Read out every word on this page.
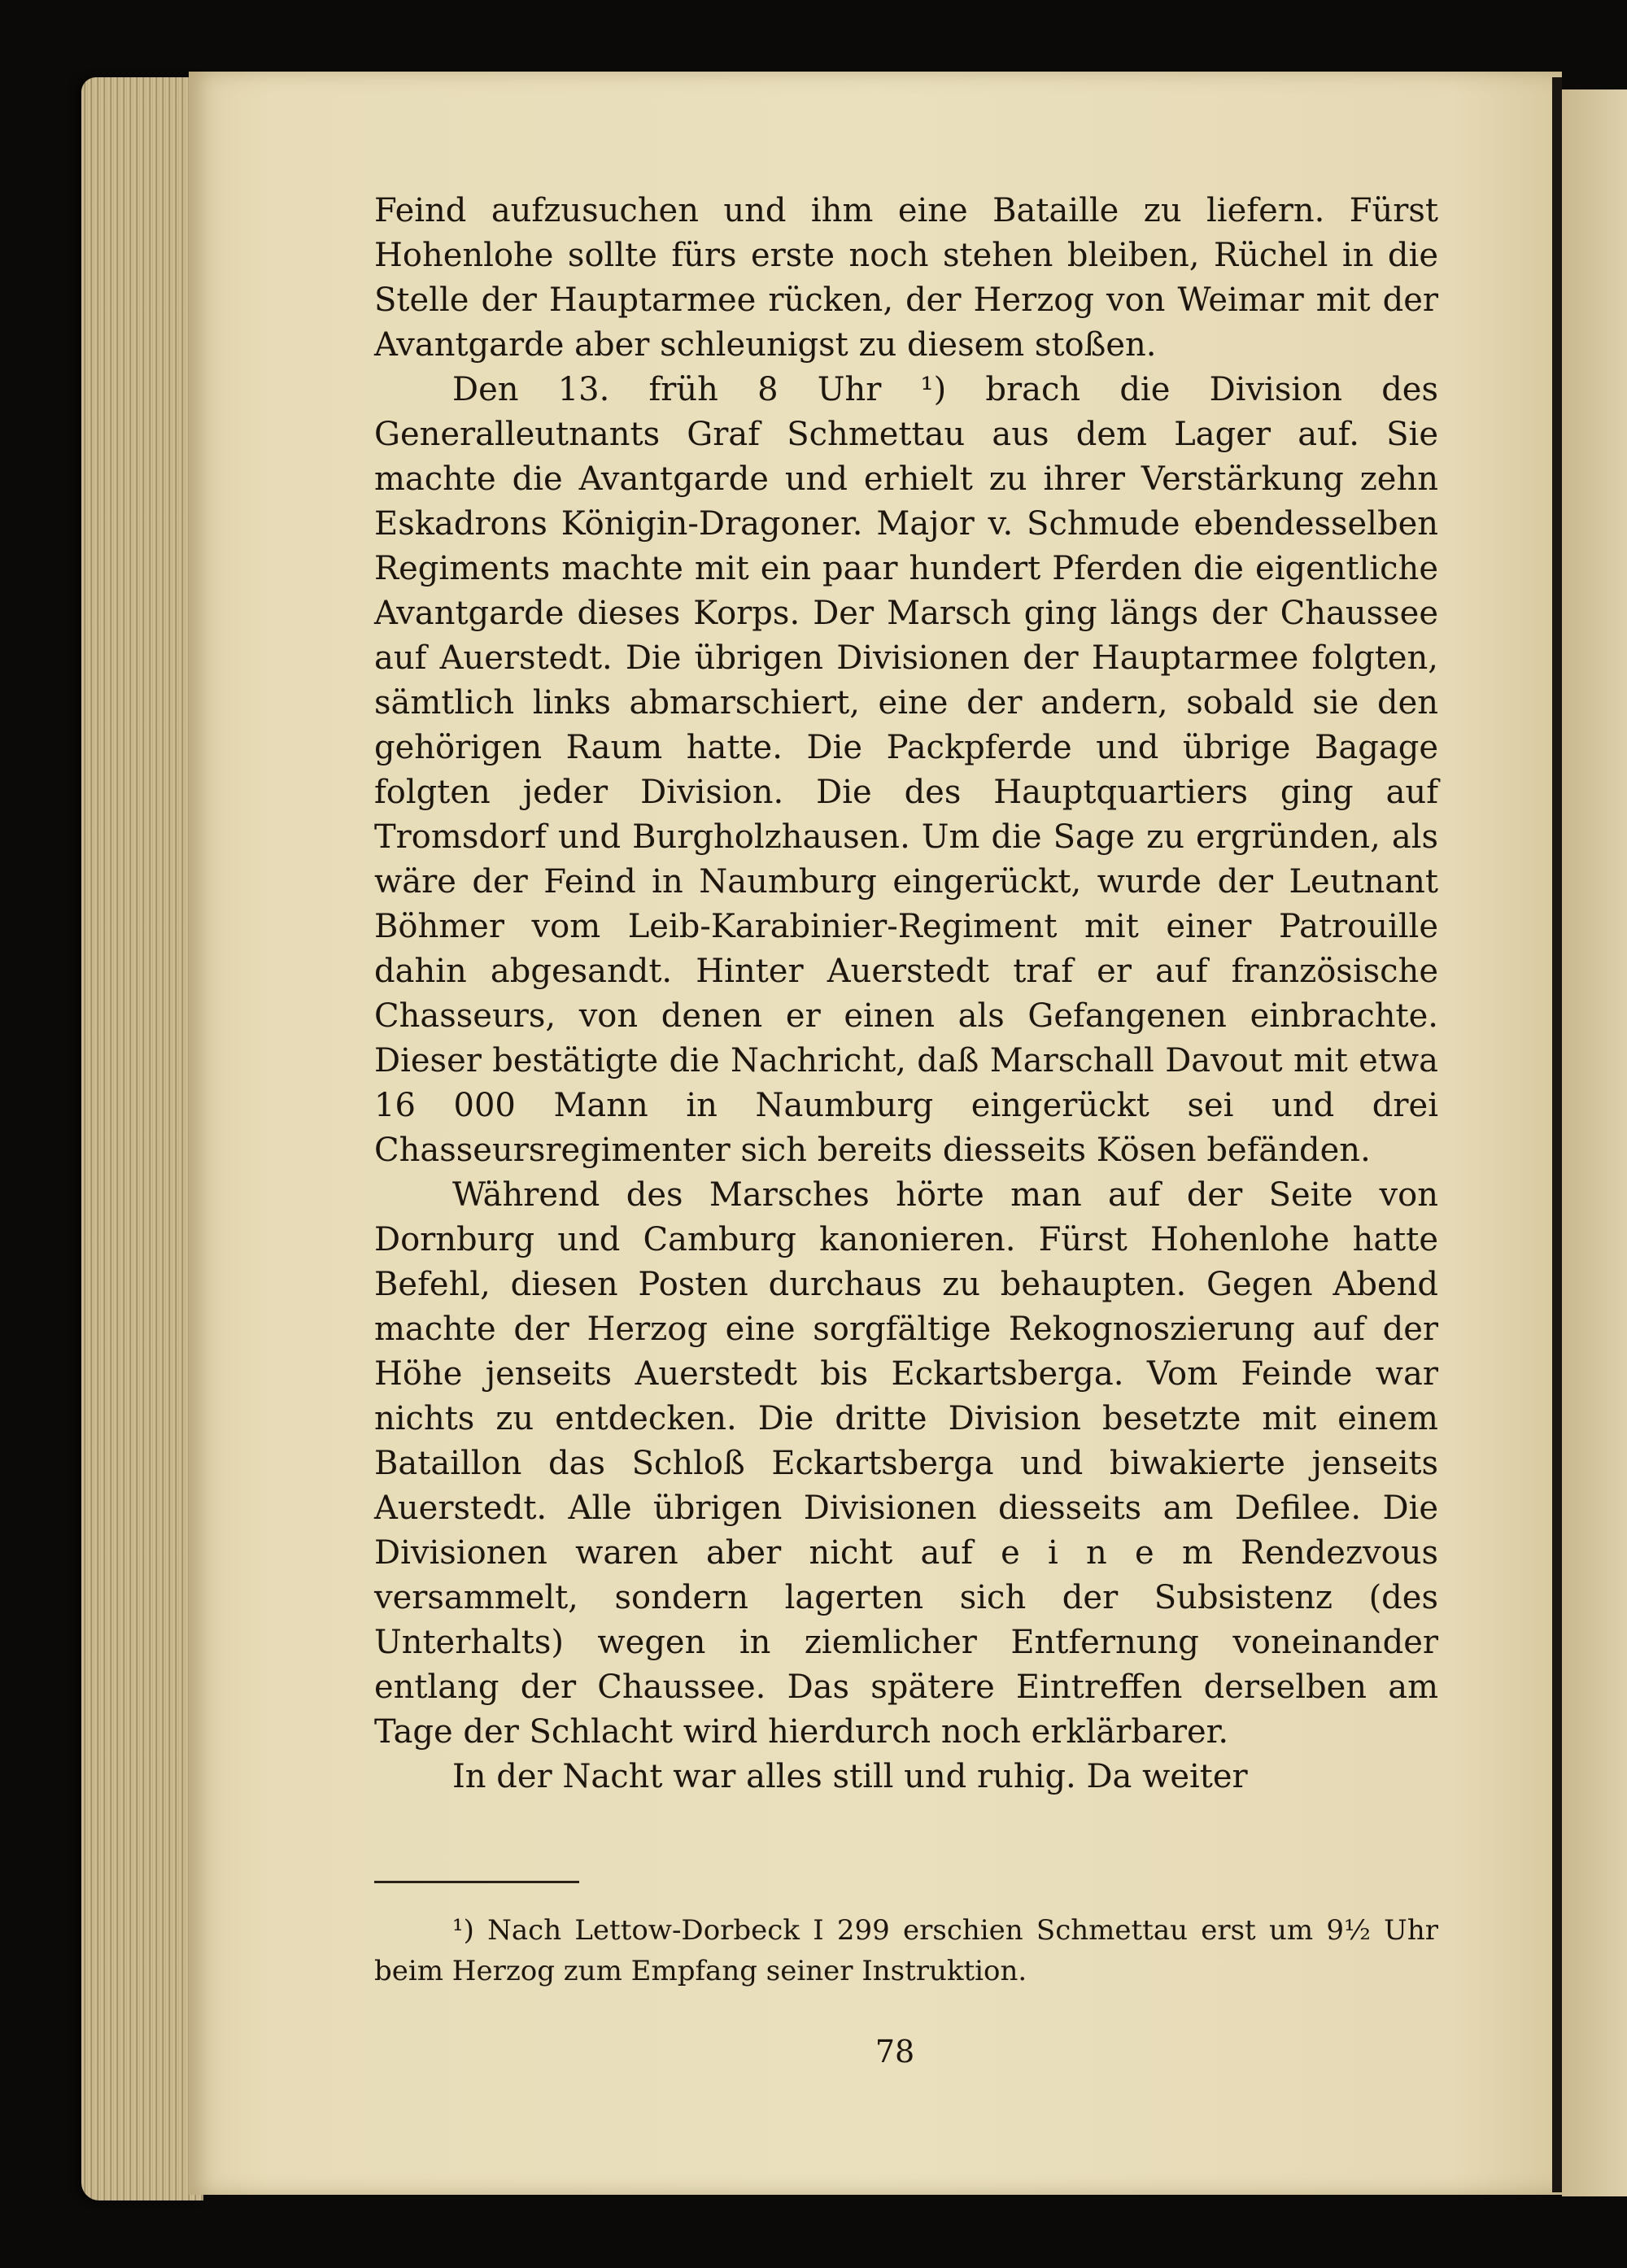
Feind aufzusuchen und ihm eine Bataille zu liefern. Fürst Hohenlohe sollte fürs erste noch stehen bleiben, Rüchel in die Stelle der Hauptarmee rücken, der Herzog von Weimar mit der Avantgarde aber schleunigst zu diesem stoßen.

Den 13. früh 8 Uhr ¹) brach die Division des Generalleutnants Graf Schmettau aus dem Lager auf. Sie machte die Avantgarde und erhielt zu ihrer Verstärkung zehn Eskadrons Königin-Dragoner. Major v. Schmude ebendesselben Regiments machte mit ein paar hundert Pferden die eigentliche Avantgarde dieses Korps. Der Marsch ging längs der Chaussee auf Auerstedt. Die übrigen Divisionen der Hauptarmee folgten, sämtlich links abmarschiert, eine der andern, sobald sie den gehörigen Raum hatte. Die Packpferde und übrige Bagage folgten jeder Division. Die des Hauptquartiers ging auf Tromsdorf und Burgholzhausen. Um die Sage zu ergründen, als wäre der Feind in Naumburg eingerückt, wurde der Leutnant Böhmer vom Leib-Karabinier-Regiment mit einer Patrouille dahin abgesandt. Hinter Auerstedt traf er auf französische Chasseurs, von denen er einen als Gefangenen einbrachte. Dieser bestätigte die Nachricht, daß Marschall Davout mit etwa 16 000 Mann in Naumburg eingerückt sei und drei Chasseursregimenter sich bereits diesseits Kösen befänden.

Während des Marsches hörte man auf der Seite von Dornburg und Camburg kanonieren. Fürst Hohenlohe hatte Befehl, diesen Posten durchaus zu behaupten. Gegen Abend machte der Herzog eine sorgfältige Rekognoszierung auf der Höhe jenseits Auerstedt bis Eckartsberga. Vom Feinde war nichts zu entdecken. Die dritte Division besetzte mit einem Bataillon das Schloß Eckartsberga und biwakierte jenseits Auerstedt. Alle übrigen Divisionen diesseits am Defilee. Die Divisionen waren aber nicht auf e i n e m Rendezvous versammelt, sondern lagerten sich der Subsistenz (des Unterhalts) wegen in ziemlicher Entfernung voneinander entlang der Chaussee. Das spätere Eintreffen derselben am Tage der Schlacht wird hierdurch noch erklärbarer.

In der Nacht war alles still und ruhig. Da weiter

¹) Nach Lettow-Dorbeck I 299 erschien Schmettau erst um 9½ Uhr beim Herzog zum Empfang seiner Instruktion.

78
